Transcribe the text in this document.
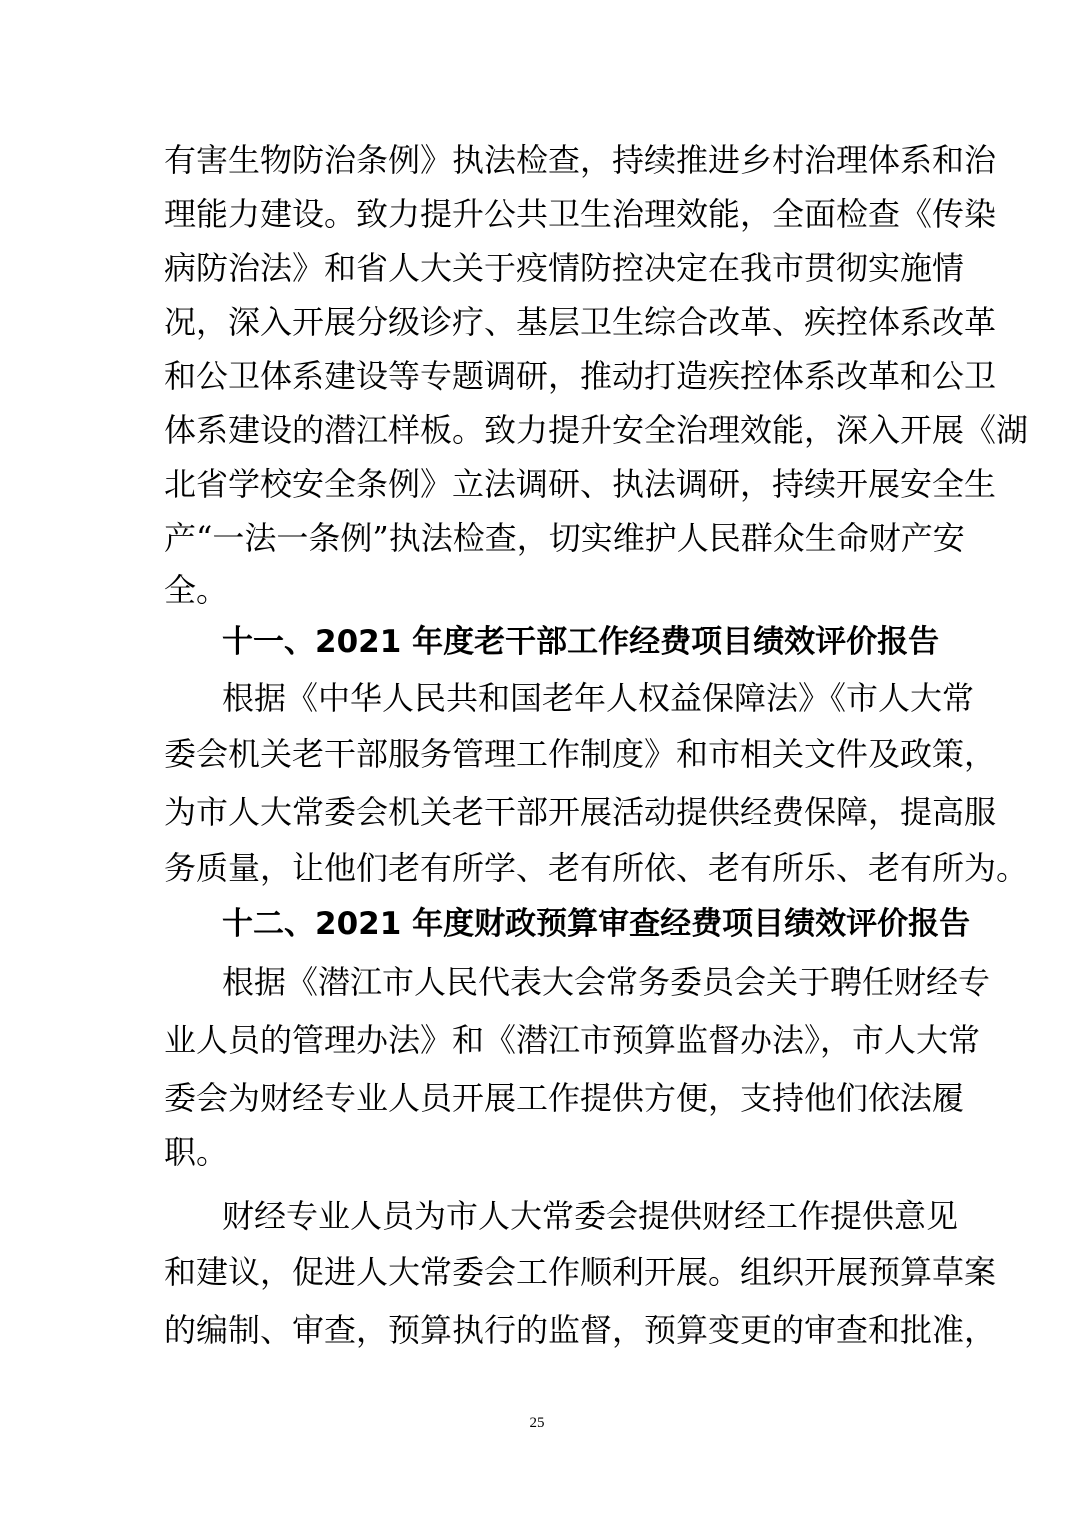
有害生物防治条例》执法检查，持续推进乡村治理体系和治
理能力建设。致力提升公共卫生治理效能，全面检查《传染
病防治法》和省人大关于疫情防控决定在我市贯彻实施情
况，深入开展分级诊疗、基层卫生综合改革、疾控体系改革
和公卫体系建设等专题调研，推动打造疾控体系改革和公卫
体系建设的潜江样板。致力提升安全治理效能，深入开展《湖
北省学校安全条例》立法调研、执法调研，持续开展安全生
产“一法一条例”执法检查，切实维护人民群众生命财产安
全。
十一、2021 年度老干部工作经费项目绩效评价报告
根据《中华人民共和国老年人权益保障法》《市人大常
委会机关老干部服务管理工作制度》和市相关文件及政策，
为市人大常委会机关老干部开展活动提供经费保障，提高服
务质量，让他们老有所学、老有所依、老有所乐、老有所为。
十二、2021 年度财政预算审查经费项目绩效评价报告
根据《潜江市人民代表大会常务委员会关于聘任财经专
业人员的管理办法》和《潜江市预算监督办法》，市人大常
委会为财经专业人员开展工作提供方便，支持他们依法履
职。
财经专业人员为市人大常委会提供财经工作提供意见
和建议，促进人大常委会工作顺利开展。组织开展预算草案
的编制、审查，预算执行的监督，预算变更的审查和批准，
25
